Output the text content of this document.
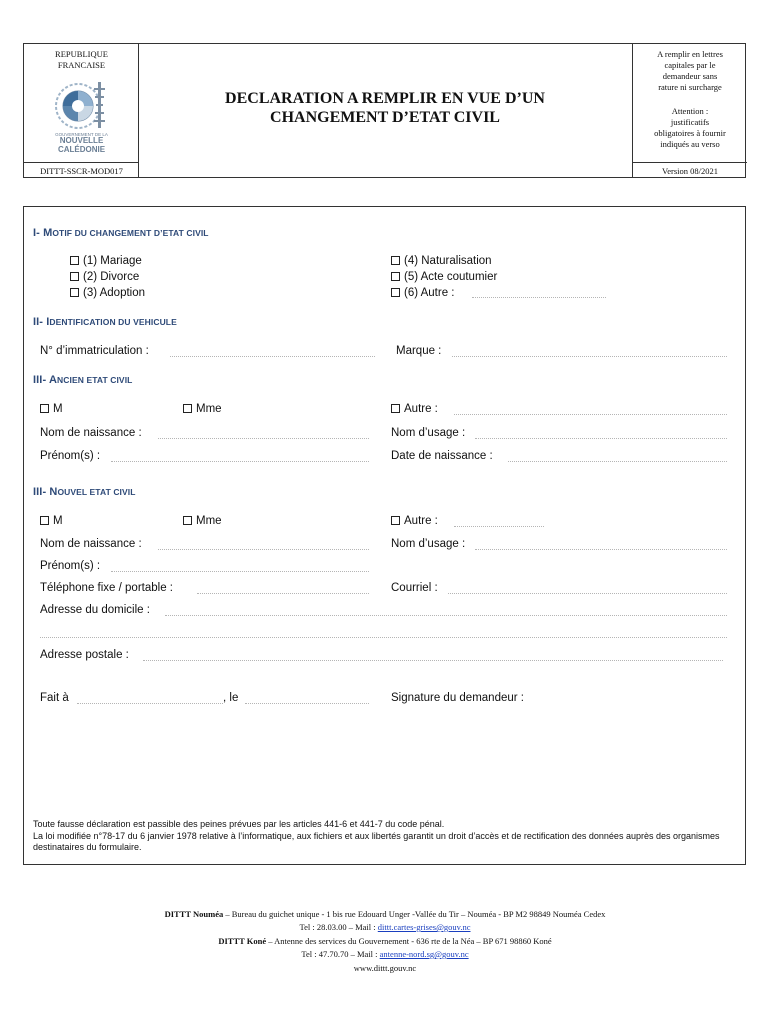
REPUBLIQUE
FRANCAISE
GOUVERNEMENT DE LA
NOUVELLE
CALÉDONIE
DITTT-SSCR-MOD017
DECLARATION A REMPLIR EN VUE D’UN
CHANGEMENT D’ETAT CIVIL
A remplir en lettres
capitales par le
demandeur sans
rature ni surcharge
Attention :
justificatifs
obligatoires à fournir
indiqués au verso
Version 08/2021
I- MOTIF DU CHANGEMENT D’ETAT CIVIL
(1) Mariage
(2) Divorce
(3) Adoption
(4) Naturalisation
(5) Acte coutumier
(6) Autre :
II- IDENTIFICATION DU VEHICULE
N° d’immatriculation :	Marque :
III- ANCIEN ETAT CIVIL
M	Mme	Autre :
Nom de naissance :	Nom d’usage :
Prénom(s) :	Date de naissance :
III- NOUVEL ETAT CIVIL
M	Mme	Autre :
Nom de naissance :	Nom d’usage :
Prénom(s) :
Téléphone fixe / portable :	Courriel :
Adresse du domicile :
Adresse postale :
Fait à	, le	Signature du demandeur :
Toute fausse déclaration est passible des peines prévues par les articles 441-6 et 441-7 du code pénal.
La loi modifiée n°78-17 du 6 janvier 1978 relative à l’informatique, aux fichiers et aux libertés garantit un droit d’accès et de rectification des données auprès des organismes destinataires du formulaire.
DITTT Nouméa – Bureau du guichet unique - 1 bis rue Edouard Unger -Vallée du Tir – Nouméa - BP M2 98849 Nouméa Cedex
Tel : 28.03.00 – Mail : dittt.cartes-grises@gouv.nc
DITTT Koné – Antenne des services du Gouvernement - 636 rte de la Néa – BP 671 98860 Koné
Tel : 47.70.70 – Mail : antenne-nord.sg@gouv.nc
www.dittt.gouv.nc
